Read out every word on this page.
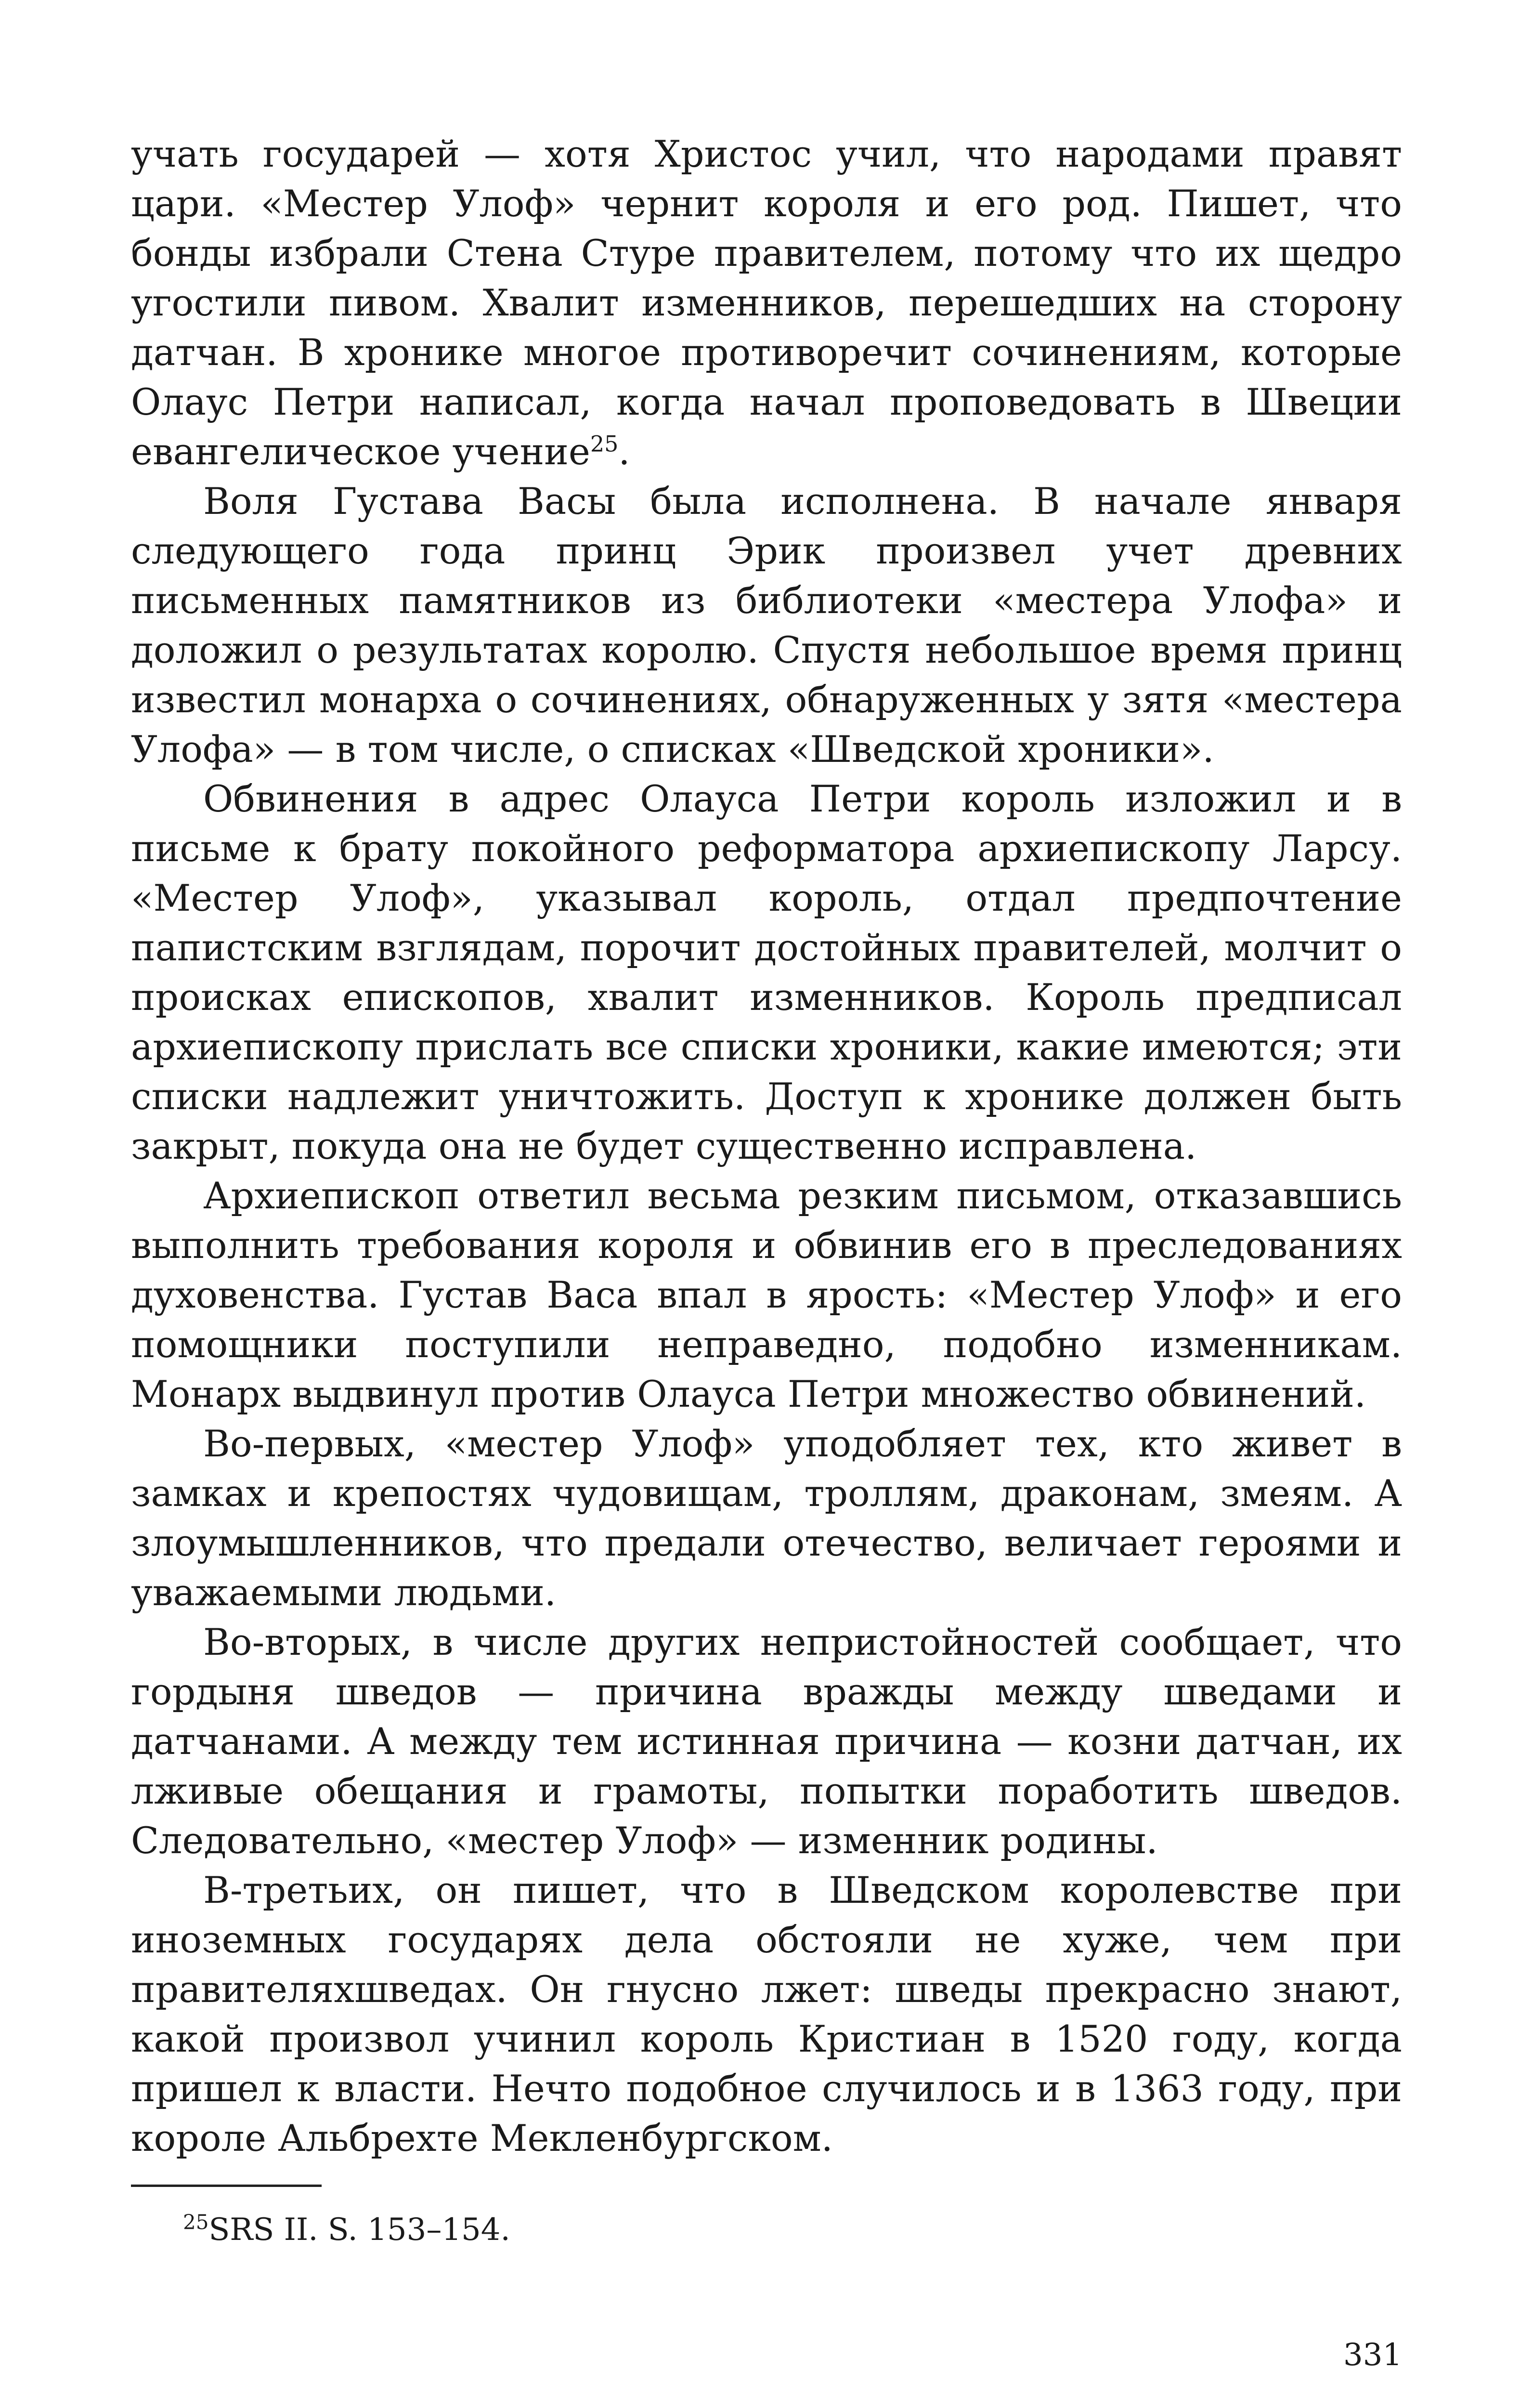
учать государей — хотя Христос учил, что народами правят цари. «Местер Улоф» чернит короля и его род. Пишет, что бонды избрали Стена Стуре правителем, потому что их щедро угостили пивом. Хвалит изменников, перешедших на сторону датчан. В хронике многое противоречит сочинениям, которые Олаус Петри написал, когда начал проповедовать в Швеции евангелическое учение$^{25}$.

Воля Густава Васы была исполнена. В начале января следующего года принц Эрик произвел учет древних письменных памятников из библиотеки «местера Улофа» и доложил о результатах королю. Спустя небольшое время принц известил монарха о сочинениях, обнаруженных у зятя «местера Улофа» — в том числе, о списках «Шведской хроники».

Обвинения в адрес Олауса Петри король изложил и в письме к брату покойного реформатора архиепископу Ларсу. «Местер Улоф», указывал король, отдал предпочтение папистским взглядам, порочит достойных правителей, молчит о происках епископов, хвалит изменников. Король предписал архиепископу прислать все списки хроники, какие имеются; эти списки надлежит уничтожить. Доступ к хронике должен быть закрыт, покуда она не будет существенно исправлена.

Архиепископ ответил весьма резким письмом, отказавшись выполнить требования короля и обвинив его в преследованиях духовенства. Густав Васа впал в ярость: «Местер Улоф» и его помощники поступили неправедно, подобно изменникам. Монарх выдвинул против Олауса Петри множество обвинений.

Во-первых, «местер Улоф» уподобляет тех, кто живет в замках и крепостях чудовищам, троллям, драконам, змеям. А злоумышленников, что предали отечество, величает героями и уважаемыми людьми.

Во-вторых, в числе других непристойностей сообщает, что гордыня шведов — причина вражды между шведами и датчанами. А между тем истинная причина — козни датчан, их лживые обещания и грамоты, попытки поработить шведов. Следовательно, «местер Улоф» — изменник родины.

В-третьих, он пишет, что в Шведском королевстве при иноземных государях дела обстояли не хуже, чем при правителяхшведах. Он гнусно лжет: шведы прекрасно знают, какой произвол учинил король Кристиан в 1520 году, когда пришел к власти. Нечто подобное случилось и в 1363 году, при короле Альбрехте Мекленбургском.

$^{25}$SRS II. S. 153–154.
331
